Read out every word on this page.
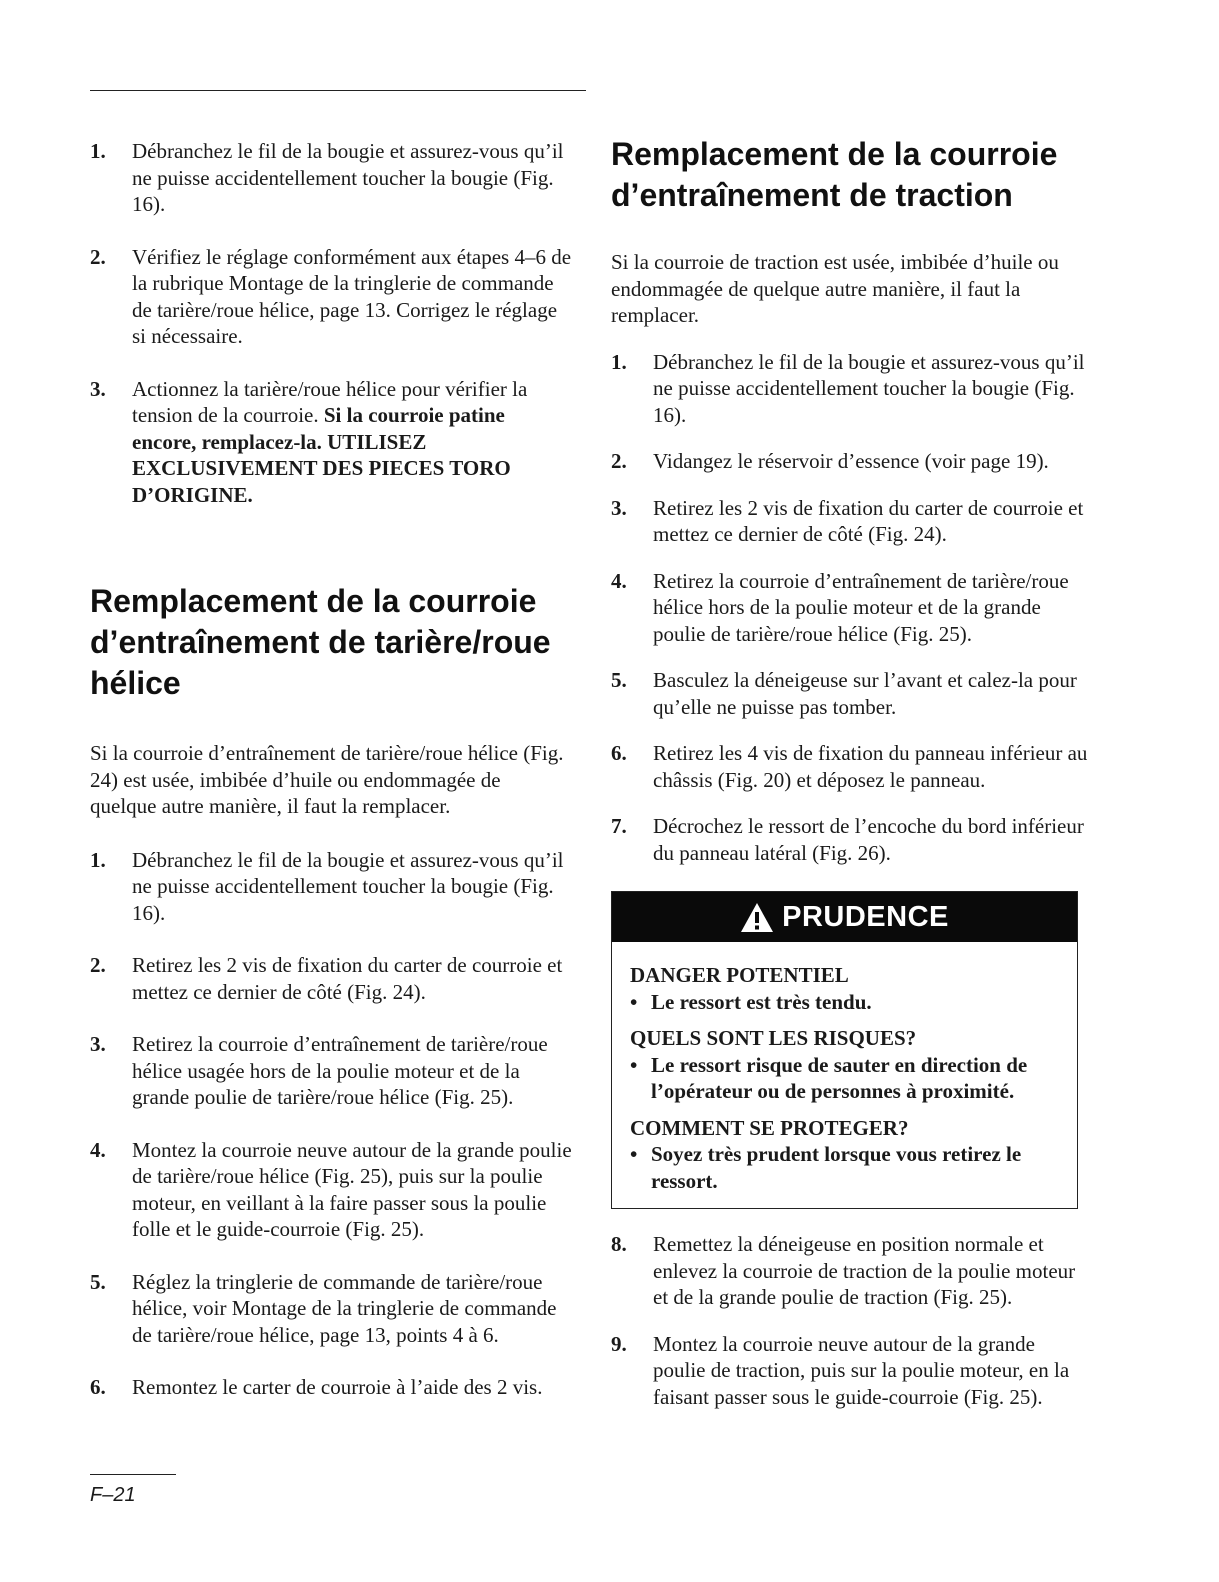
1.	Débranchez le fil de la bougie et assurez-vous qu’il ne puisse accidentellement toucher la bougie (Fig. 16).
2.	Vérifiez le réglage conformément aux étapes 4–6 de la rubrique Montage de la tringlerie de commande de tarière/roue hélice, page 13. Corrigez le réglage si nécessaire.
3.	Actionnez la tarière/roue hélice pour vérifier la tension de la courroie. Si la courroie patine encore, remplacez-la. UTILISEZ EXCLUSIVEMENT DES PIECES TORO D’ORIGINE.
Remplacement de la courroie d’entraînement de tarière/roue hélice

Si la courroie d’entraînement de tarière/roue hélice (Fig. 24) est usée, imbibée d’huile ou endommagée de quelque autre manière, il faut la remplacer.

1.	Débranchez le fil de la bougie et assurez-vous qu’il ne puisse accidentellement toucher la bougie (Fig. 16).
2.	Retirez les 2 vis de fixation du carter de courroie et mettez ce dernier de côté (Fig. 24).
3.	Retirez la courroie d’entraînement de tarière/roue hélice usagée hors de la poulie moteur et de la grande poulie de tarière/roue hélice (Fig. 25).
4.	Montez la courroie neuve autour de la grande poulie de tarière/roue hélice (Fig. 25), puis sur la poulie moteur, en veillant à la faire passer sous la poulie folle et le guide-courroie (Fig. 25).
5.	Réglez la tringlerie de commande de tarière/roue hélice, voir Montage de la tringlerie de commande de tarière/roue hélice, page 13, points 4 à 6.
6.	Remontez le carter de courroie à l’aide des 2 vis.
Remplacement de la courroie d’entraînement de traction

Si la courroie de traction est usée, imbibée d’huile ou endommagée de quelque autre manière, il faut la remplacer.

1.	Débranchez le fil de la bougie et assurez-vous qu’il ne puisse accidentellement toucher la bougie (Fig. 16).
2.	Vidangez le réservoir d’essence (voir page 19).
3.	Retirez les 2 vis de fixation du carter de courroie et mettez ce dernier de côté (Fig. 24).
4.	Retirez la courroie d’entraînement de tarière/roue hélice hors de la poulie moteur et de la grande poulie de tarière/roue hélice (Fig. 25).
5.	Basculez la déneigeuse sur l’avant et calez-la pour qu’elle ne puisse pas tomber.
6.	Retirez les 4 vis de fixation du panneau inférieur au châssis (Fig. 20) et déposez le panneau.
7.	Décrochez le ressort de l’encoche du bord inférieur du panneau latéral (Fig. 26).
PRUDENCE
DANGER POTENTIEL
• Le ressort est très tendu.
QUELS SONT LES RISQUES?
• Le ressort risque de sauter en direction de l’opérateur ou de personnes à proximité.
COMMENT SE PROTEGER?
• Soyez très prudent lorsque vous retirez le ressort.
8.	Remettez la déneigeuse en position normale et enlevez la courroie de traction de la poulie moteur et de la grande poulie de traction (Fig. 25).
9.	Montez la courroie neuve autour de la grande poulie de traction, puis sur la poulie moteur, en la faisant passer sous le guide-courroie (Fig. 25).
F–21
